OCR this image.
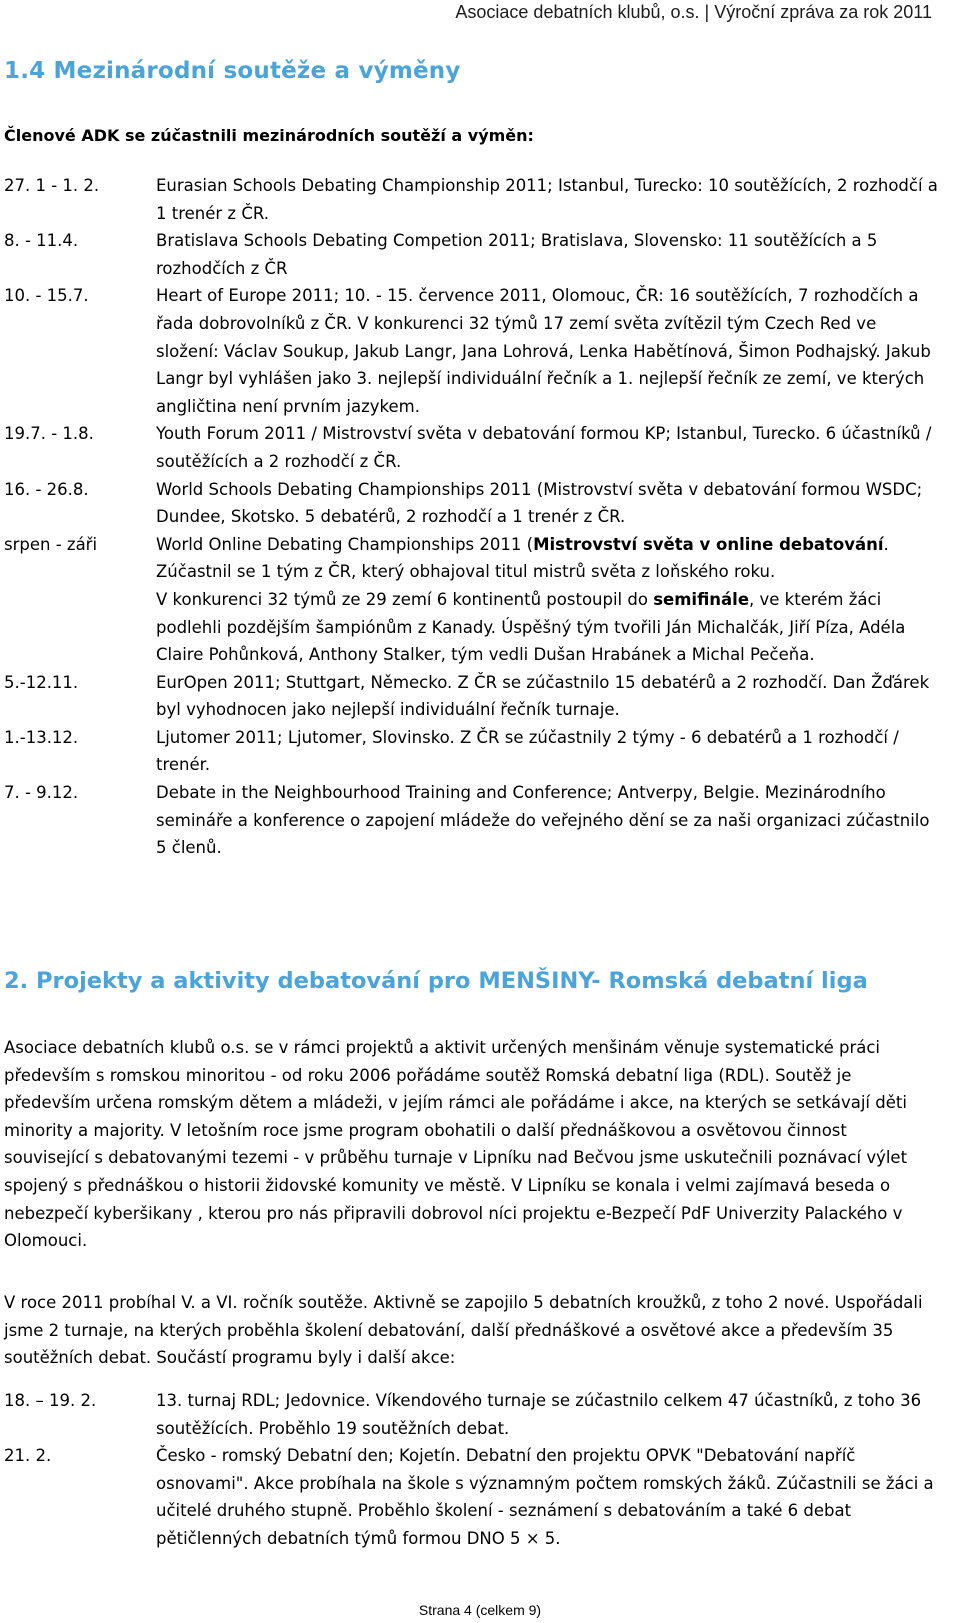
Asociace debatních klubů, o.s. | Výroční zpráva za rok 2011
1.4 Mezinárodní soutěže a výměny
Členové ADK se zúčastnili mezinárodních soutěží a výměn:
27. 1 - 1. 2.	Eurasian Schools Debating Championship 2011; Istanbul, Turecko: 10 soutěžících, 2 rozhodčí a 1 trenér z ČR.
8. - 11.4.	Bratislava Schools Debating Competion 2011; Bratislava, Slovensko: 11 soutěžících a 5 rozhodčích z ČR
10. - 15.7.	Heart of Europe 2011; 10. - 15. července 2011, Olomouc, ČR: 16 soutěžících, 7 rozhodčích a řada dobrovolníků z ČR. V konkurenci 32 týmů 17 zemí světa zvítězil tým Czech Red ve složení: Václav Soukup, Jakub Langr, Jana Lohrová, Lenka Habětínová, Šimon Podhajský. Jakub Langr byl vyhlášen jako 3. nejlepší individuální řečník a 1. nejlepší řečník ze zemí, ve kterých angličtina není prvním jazykem.
19.7. - 1.8.	Youth Forum 2011 / Mistrovství světa v debatování formou KP; Istanbul, Turecko. 6 účastníků / soutěžících a 2 rozhodčí z ČR.
16. - 26.8.	World Schools Debating Championships 2011 (Mistrovství světa v debatování formou WSDC; Dundee, Skotsko. 5 debatérů, 2 rozhodčí a 1 trenér z ČR.
srpen - záři	World Online Debating Championships 2011 (Mistrovství světa v online debatování.
Zúčastnil se 1 tým z ČR, který obhajoval titul mistrů světa z loňského roku.
V konkurenci 32 týmů ze 29 zemí 6 kontinentů postoupil do semifinále, ve kterém žáci podlehli pozdějším šampiónům z Kanady. Úspěšný tým tvořili Ján Michalčák, Jiří Píza, Adéla Claire Pohůnková, Anthony Stalker, tým vedli Dušan Hrabánek a Michal Pečeňa.
5.-12.11.	EurOpen 2011; Stuttgart, Německo. Z ČR se zúčastnilo 15 debatérů a 2 rozhodčí. Dan Žďárek byl vyhodnocen jako nejlepší individuální řečník turnaje.
1.-13.12.	Ljutomer 2011; Ljutomer, Slovinsko. Z ČR se zúčastnily 2 týmy - 6 debatérů a 1 rozhodčí / trenér.
7. - 9.12.	Debate in the Neighbourhood Training and Conference; Antverpy, Belgie. Mezinárodního semináře a konference o zapojení mládeže do veřejného dění se za naši organizaci zúčastnilo 5 členů.
2. Projekty a aktivity debatování pro MENŠINY- Romská debatní liga
Asociace debatních klubů o.s. se v rámci projektů a aktivit určených menšinám věnuje systematické práci především s romskou minoritou - od roku 2006 pořádáme soutěž Romská debatní liga (RDL). Soutěž je především určena romským dětem a mládeži, v jejím rámci ale pořádáme i akce, na kterých se setkávají děti minority a majority. V letošním roce jsme program obohatili o další přednáškovou a osvětovou činnost související s debatovanými tezemi - v průběhu turnaje v Lipníku nad Bečvou jsme uskutečnili poznávací výlet spojený s přednáškou o historii židovské komunity ve městě. V Lipníku se konala i velmi zajímavá beseda o nebezpečí kyberšikany , kterou pro nás připravili dobrovol níci projektu e-Bezpečí PdF Univerzity Palackého v Olomouci.
V roce 2011 probíhal V. a VI. ročník soutěže. Aktivně se zapojilo 5 debatních kroužků, z toho 2 nové. Uspořádali jsme 2 turnaje, na kterých proběhla školení debatování, další přednáškové a osvětové akce a především 35 soutěžních debat. Součástí programu byly i další akce:
18. – 19. 2.	13. turnaj RDL; Jedovnice. Víkendového turnaje se zúčastnilo celkem 47 účastníků, z toho 36 soutěžících. Proběhlo 19 soutěžních debat.
21. 2.	Česko - romský Debatní den; Kojetín. Debatní den projektu OPVK "Debatování napříč osnovami". Akce probíhala na škole s významným počtem romských žáků. Zúčastnili se žáci a učitelé druhého stupně. Proběhlo školení - seznámení s debatováním a také 6 debat pětičlenných debatních týmů formou DNO 5 × 5.
Strana 4 (celkem 9)
